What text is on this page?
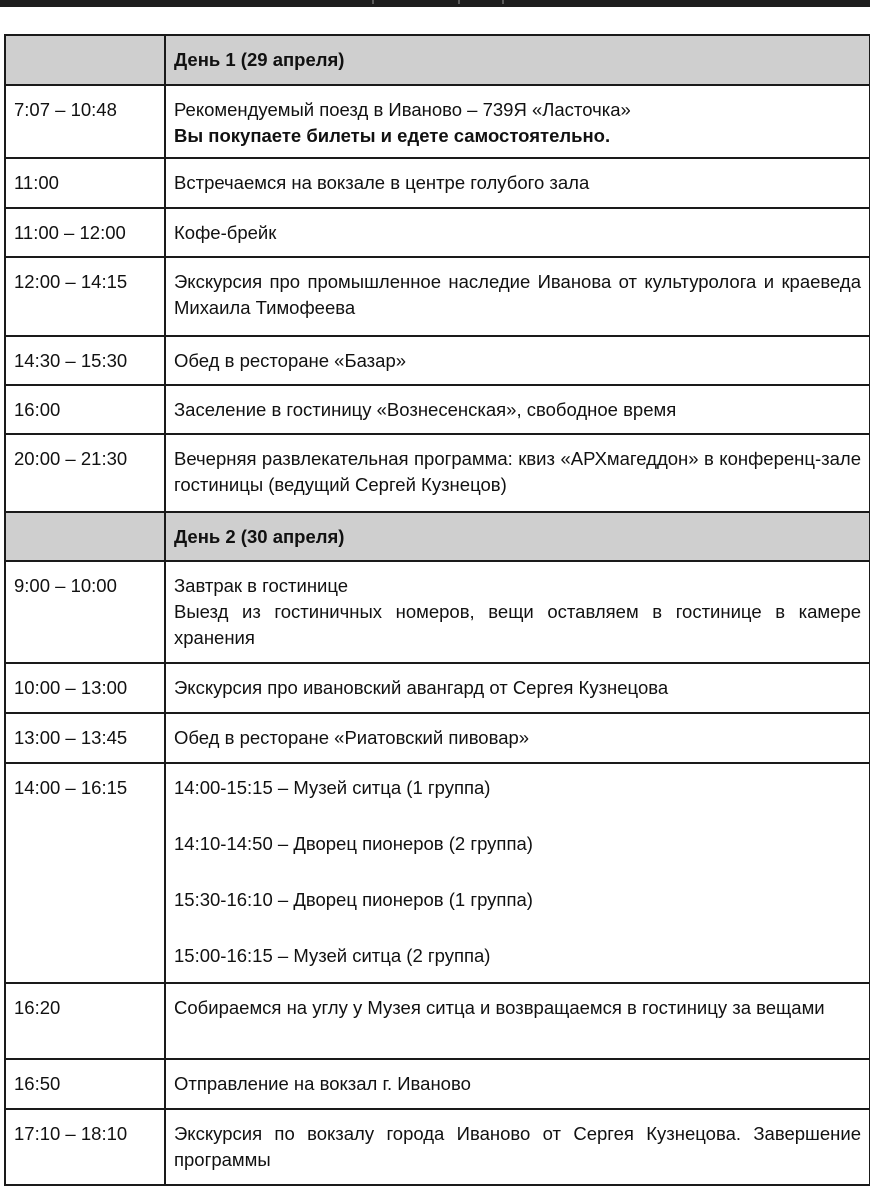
	День 1 (29 апреля)
7:07 – 10:48	Рекомендуемый поезд в Иваново – 739Я «Ласточка»
Вы покупаете билеты и едете самостоятельно.

11:00	Встречаемся на вокзале в центре голубого зала
11:00 – 12:00	Кофе-брейк
12:00 – 14:15	Экскурсия про промышленное наследие Иванова от культуролога и краеведа Михаила Тимофеева
14:30 – 15:30	Обед в ресторане «Базар»
16:00	Заселение в гостиницу «Вознесенская», свободное время
20:00 – 21:30	Вечерняя развлекательная программа: квиз «АРХмагеддон» в конференц-зале гостиницы (ведущий Сергей Кузнецов)
	День 2 (30 апреля)
9:00 – 10:00	Завтрак в гостинице
Выезд из гостиничных номеров, вещи оставляем в гостинице в камере хранения

10:00 – 13:00	Экскурсия про ивановский авангард от Сергея Кузнецова
13:00 – 13:45	Обед в ресторане «Риатовский пивовар»
14:00 – 16:15	14:00-15:15 – Музей ситца (1 группа)
14:10-14:50 – Дворец пионеров (2 группа)
15:30-16:10 – Дворец пионеров (1 группа)
15:00-16:15 – Музей ситца (2 группа)

16:20	Собираемся на углу у Музея ситца и возвращаемся в гостиницу за вещами
16:50	Отправление на вокзал г. Иваново
17:10 – 18:10	Экскурсия по вокзалу города Иваново от Сергея Кузнецова. Завершение программы
